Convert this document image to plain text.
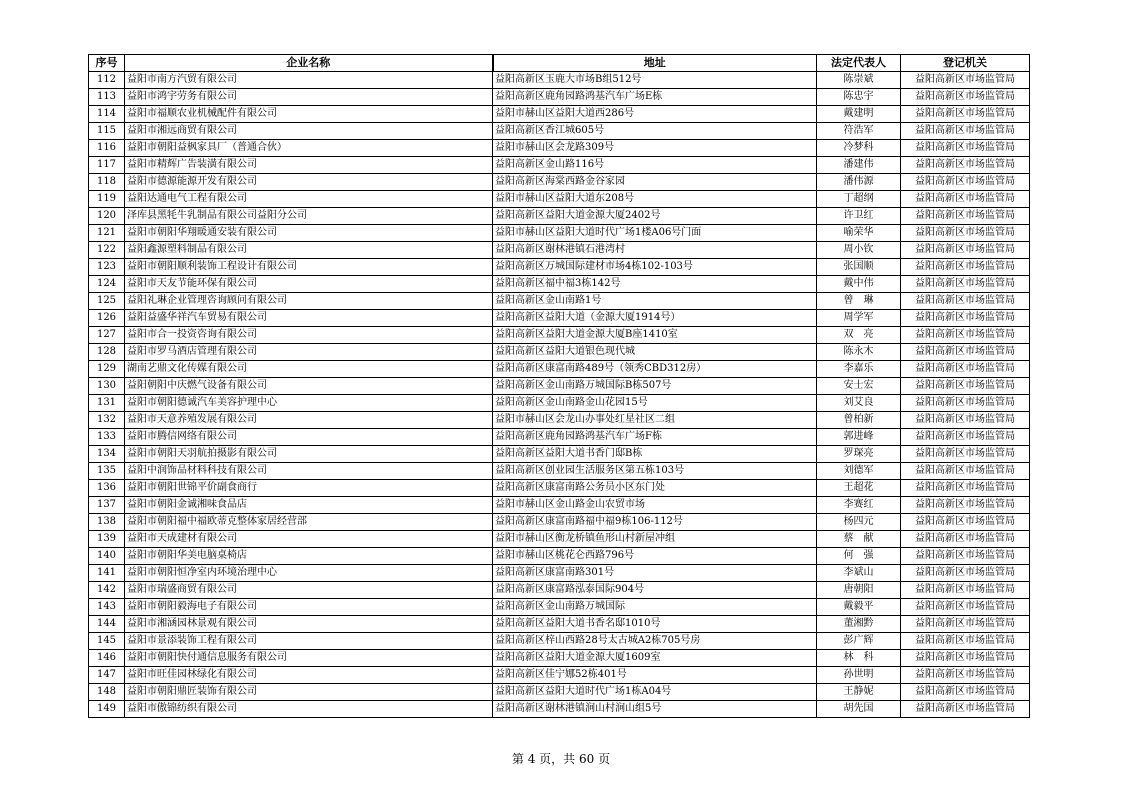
序号	企业名称	地址	法定代表人	登记机关
112	益阳市南方汽贸有限公司	益阳高新区玉鹿大市场B组512号	陈崇斌	益阳高新区市场监管局
113	益阳市鸿宇劳务有限公司	益阳高新区鹿角园路鸿基汽车广场E栋	陈忠宇	益阳高新区市场监管局
114	益阳市福顺农业机械配件有限公司	益阳市赫山区益阳大道西286号	戴建明	益阳高新区市场监管局
115	益阳市湘远商贸有限公司	益阳高新区香江城605号	符浩军	益阳高新区市场监管局
116	益阳市朝阳益枫家具厂（普通合伙）	益阳市赫山区会龙路309号	冷梦科	益阳高新区市场监管局
117	益阳市精辉广告装潢有限公司	益阳高新区金山路116号	潘建伟	益阳高新区市场监管局
118	益阳市德源能源开发有限公司	益阳高新区海棠西路金谷家园	潘伟源	益阳高新区市场监管局
119	益阳达通电气工程有限公司	益阳市赫山区益阳大道东208号	丁超纲	益阳高新区市场监管局
120	泽库县黑牦牛乳制品有限公司益阳分公司	益阳高新区益阳大道金源大厦2402号	许卫红	益阳高新区市场监管局
121	益阳市朝阳华翔暖通安装有限公司	益阳市赫山区益阳大道时代广场1楼A06号门面	喻荣华	益阳高新区市场监管局
122	益阳鑫源塑料制品有限公司	益阳高新区谢林港镇石港湾村	周小钦	益阳高新区市场监管局
123	益阳市朝阳顺利装饰工程设计有限公司	益阳高新区万城国际建材市场4栋102-103号	张国顺	益阳高新区市场监管局
124	益阳市天友节能环保有限公司	益阳高新区福中福3栋142号	戴中伟	益阳高新区市场监管局
125	益阳礼琳企业管理咨询顾问有限公司	益阳高新区金山南路1号	曾　琳	益阳高新区市场监管局
126	益阳益盛华祥汽车贸易有限公司	益阳高新区益阳大道（金源大厦1914号）	周学军	益阳高新区市场监管局
127	益阳市合一投资咨询有限公司	益阳高新区益阳大道金源大厦B座1410室	双　亮	益阳高新区市场监管局
128	益阳市罗马酒店管理有限公司	益阳高新区益阳大道银色现代城	陈永木	益阳高新区市场监管局
129	湖南艺鼎文化传媒有限公司	益阳高新区康富南路489号（领秀CBD312房）	李嘉乐	益阳高新区市场监管局
130	益阳朝阳中庆燃气设备有限公司	益阳高新区金山南路万城国际B栋507号	安士宏	益阳高新区市场监管局
131	益阳市朝阳德诚汽车美容护理中心	益阳高新区金山南路金山花园15号	刘艾良	益阳高新区市场监管局
132	益阳市天意养殖发展有限公司	益阳市赫山区会龙山办事处红星社区二组	曾柏新	益阳高新区市场监管局
133	益阳市腾信网络有限公司	益阳高新区鹿角园路鸿基汽车广场F栋	郭进峰	益阳高新区市场监管局
134	益阳市朝阳天羽航拍摄影有限公司	益阳高新区益阳大道书香门邸B栋	罗琛亮	益阳高新区市场监管局
135	益阳中润饰品材料科技有限公司	益阳高新区创业园生活服务区第五栋103号	刘德军	益阳高新区市场监管局
136	益阳市朝阳世锦平价副食商行	益阳高新区康富南路公务员小区东门处	王超花	益阳高新区市场监管局
137	益阳市朝阳金诚湘味食品店	益阳市赫山区金山路金山农贸市场	李赛红	益阳高新区市场监管局
138	益阳市朝阳福中福欧蒂克整体家居经营部	益阳高新区康富南路福中福9栋106-112号	杨四元	益阳高新区市场监管局
139	益阳市天成建材有限公司	益阳市赫山区衡龙桥镇鱼形山村新屋冲组	蔡　献	益阳高新区市场监管局
140	益阳市朝阳华美电脑桌椅店	益阳市赫山区桃花仑西路796号	何　强	益阳高新区市场监管局
141	益阳市朝阳恒净室内环境治理中心	益阳高新区康富南路301号	李斌山	益阳高新区市场监管局
142	益阳市瑞盛商贸有限公司	益阳高新区康富路泓泰国际904号	唐朝阳	益阳高新区市场监管局
143	益阳市朝阳毅海电子有限公司	益阳高新区金山南路万城国际	戴毅平	益阳高新区市场监管局
144	益阳市湘涵园林景观有限公司	益阳高新区益阳大道书香名邸1010号	董湘黔	益阳高新区市场监管局
145	益阳市景添装饰工程有限公司	益阳高新区梓山西路28号太古城A2栋705号房	彭广辉	益阳高新区市场监管局
146	益阳市朝阳快付通信息服务有限公司	益阳高新区益阳大道金源大厦1609室	林　科	益阳高新区市场监管局
147	益阳市旺佳园林绿化有限公司	益阳高新区佳宁娜52栋401号	孙世明	益阳高新区市场监管局
148	益阳市朝阳鼎匠装饰有限公司	益阳高新区益阳大道时代广场1栋A04号	王静妮	益阳高新区市场监管局
149	益阳市傲锦纺织有限公司	益阳高新区谢林港镇涧山村涧山组5号	胡先国	益阳高新区市场监管局
第 4 页，共 60 页
